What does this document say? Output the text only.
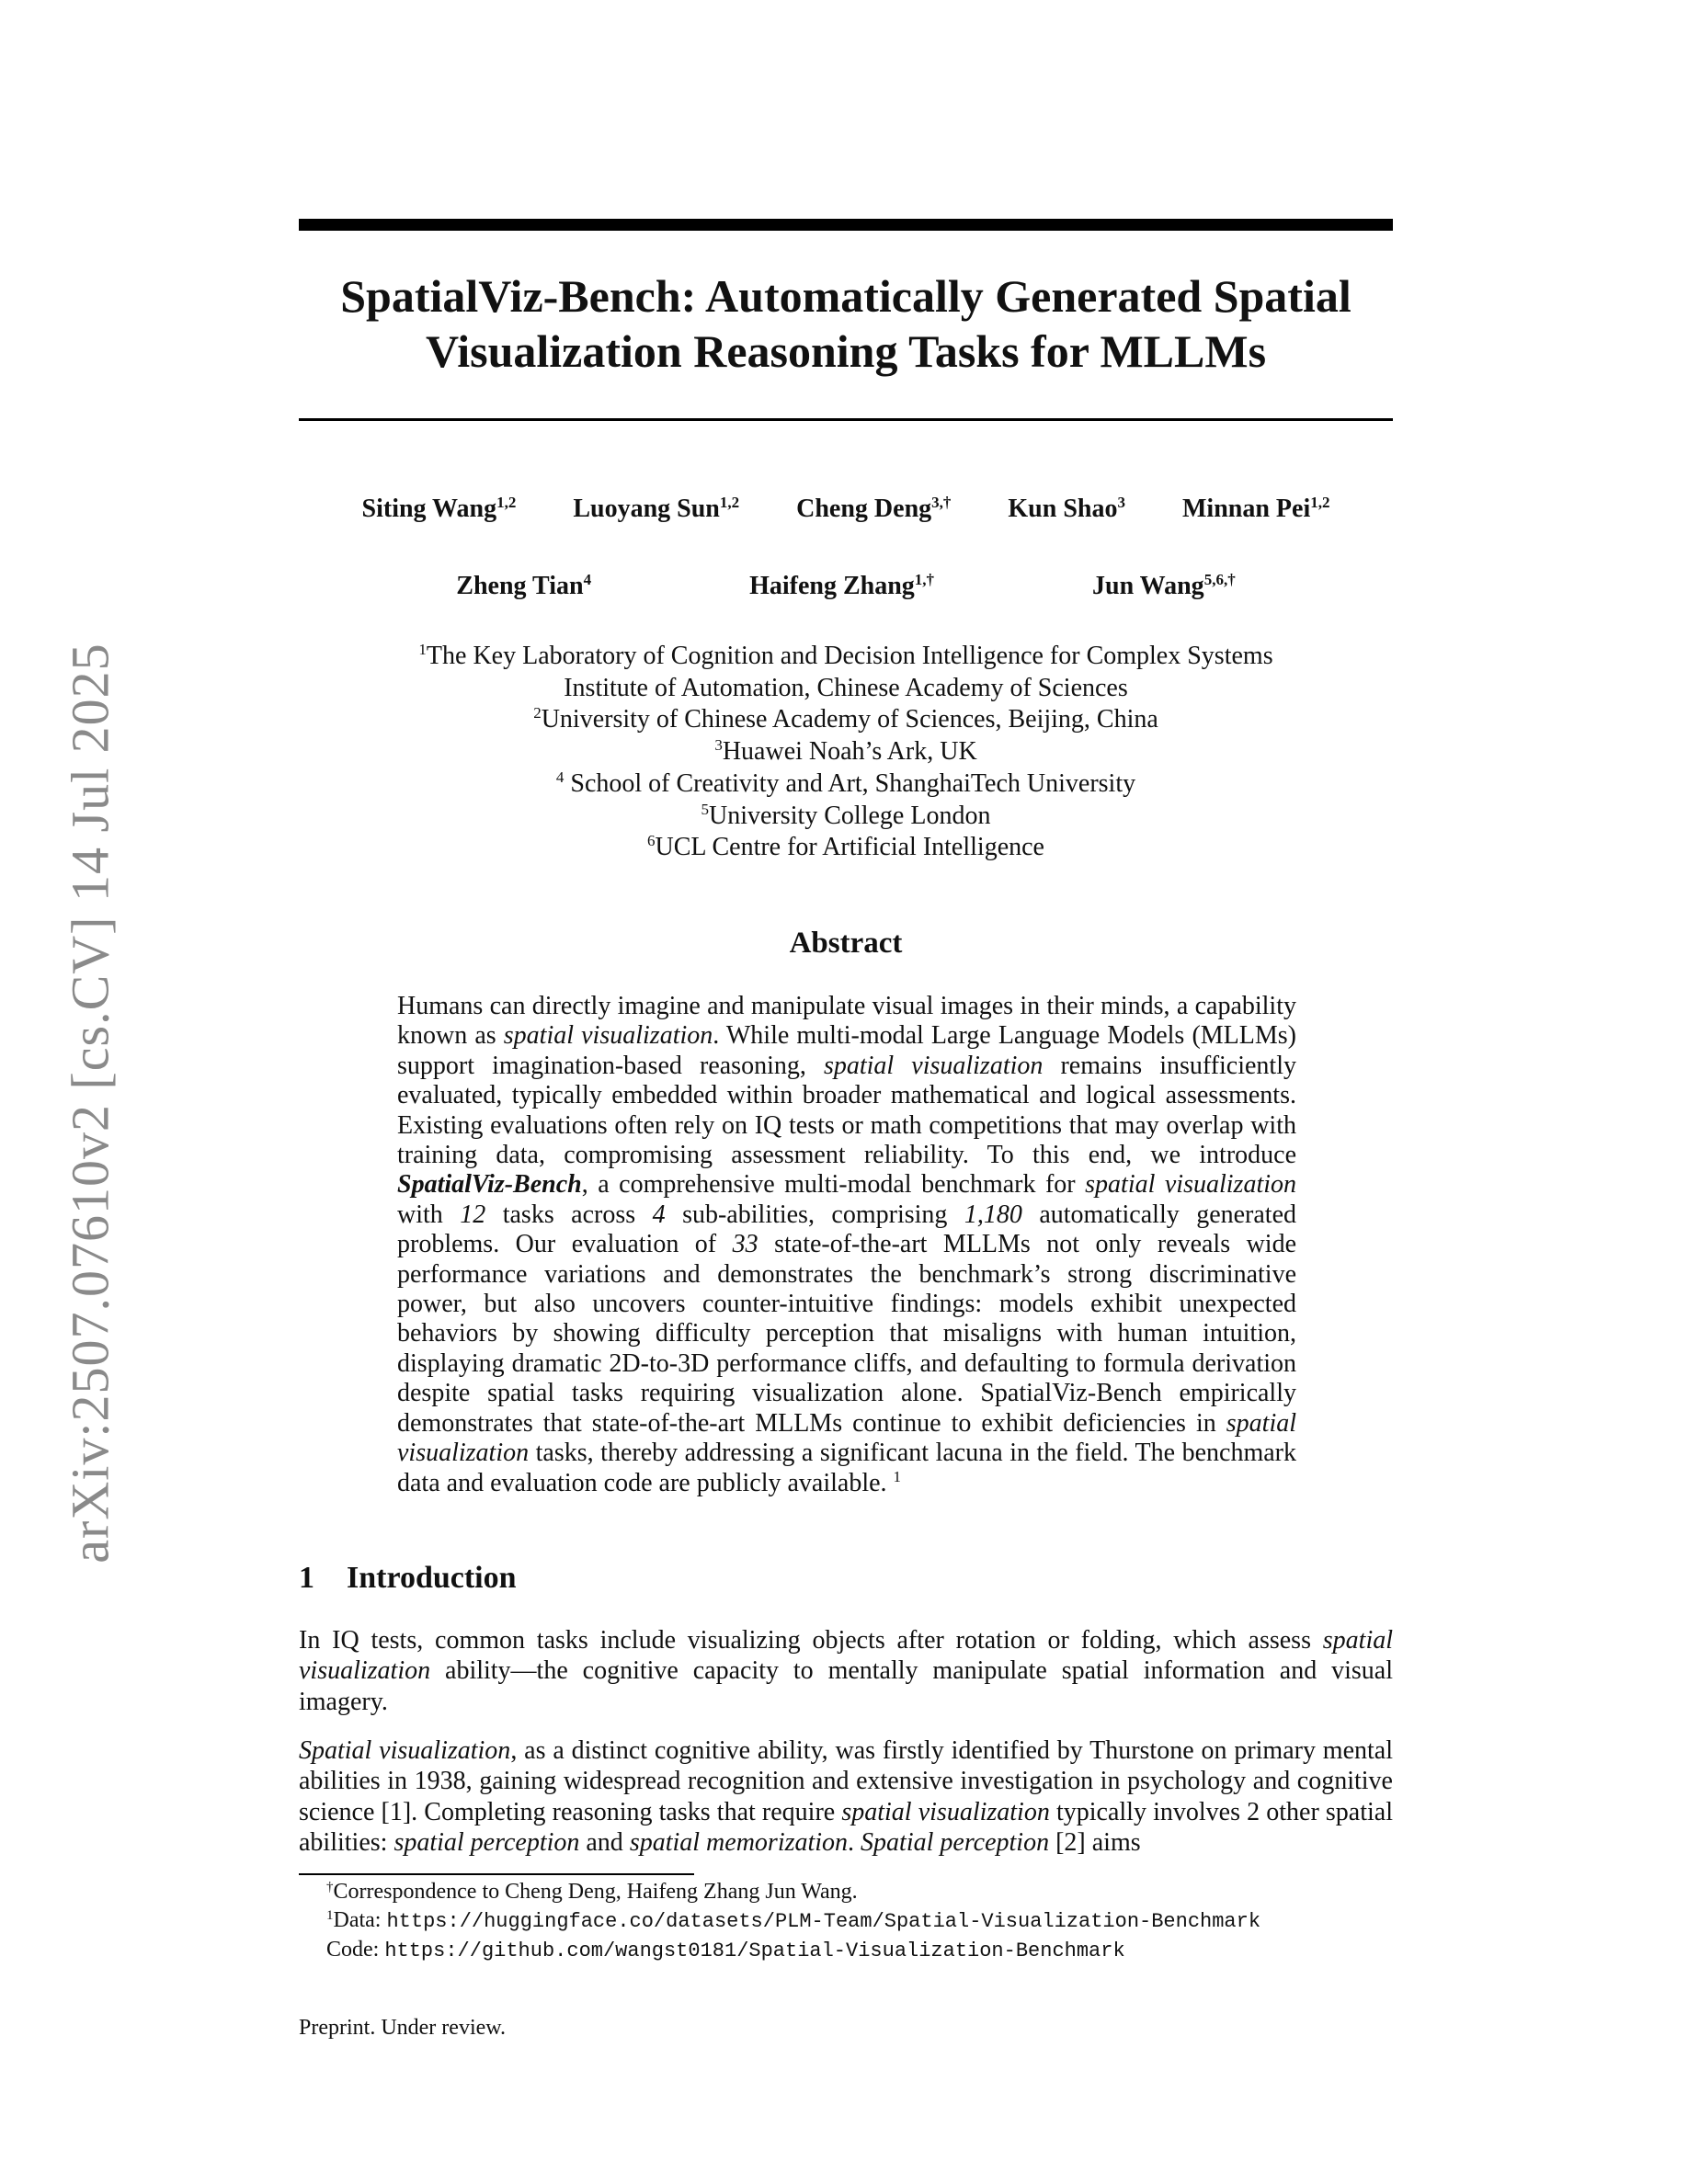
arXiv:2507.07610v2 [cs.CV] 14 Jul 2025
SpatialViz-Bench: Automatically Generated Spatial
Visualization Reasoning Tasks for MLLMs
Siting Wang$^{1,2}$ Luoyang Sun$^{1,2}$ Cheng Deng$^{3,\dagger}$ Kun Shao$^3$ Minnan Pei$^{1,2}$
Zheng Tian$^4$	Haifeng Zhang$^{1,\dagger}$	Jun Wang$^{5,6,\dagger}$
$^1$The Key Laboratory of Cognition and Decision Intelligence for Complex Systems
Institute of Automation, Chinese Academy of Sciences
$^2$University of Chinese Academy of Sciences, Beijing, China
$^3$Huawei Noah’s Ark, UK
$^4$ School of Creativity and Art, ShanghaiTech University
$^5$University College London
$^6$UCL Centre for Artificial Intelligence
Abstract
Humans can directly imagine and manipulate visual images in their minds, a capability known as spatial visualization. While multi-modal Large Language Models (MLLMs) support imagination-based reasoning, spatial visualization remains insufficiently evaluated, typically embedded within broader mathematical and logical assessments. Existing evaluations often rely on IQ tests or math competitions that may overlap with training data, compromising assessment reliability. To this end, we introduce SpatialViz-Bench, a comprehensive multi-modal benchmark for spatial visualization with 12 tasks across 4 sub-abilities, comprising 1,180 automatically generated problems. Our evaluation of 33 state-of-the-art MLLMs not only reveals wide performance variations and demonstrates the benchmark’s strong discriminative power, but also uncovers counter-intuitive findings: models exhibit unexpected behaviors by showing difficulty perception that misaligns with human intuition, displaying dramatic 2D-to-3D performance cliffs, and defaulting to formula derivation despite spatial tasks requiring visualization alone. SpatialViz-Bench empirically demonstrates that state-of-the-art MLLMs continue to exhibit deficiencies in spatial visualization tasks, thereby addressing a significant lacuna in the field. The benchmark data and evaluation code are publicly available. $^1$
1 Introduction
In IQ tests, common tasks include visualizing objects after rotation or folding, which assess spatial visualization ability—the cognitive capacity to mentally manipulate spatial information and visual imagery.
Spatial visualization, as a distinct cognitive ability, was firstly identified by Thurstone on primary mental abilities in 1938, gaining widespread recognition and extensive investigation in psychology and cognitive science [1]. Completing reasoning tasks that require spatial visualization typically involves 2 other spatial abilities: spatial perception and spatial memorization. Spatial perception [2] aims
†Correspondence to Cheng Deng, Haifeng Zhang Jun Wang.
$^1$Data: https://huggingface.co/datasets/PLM-Team/Spatial-Visualization-Benchmark
Code: https://github.com/wangst0181/Spatial-Visualization-Benchmark
Preprint. Under review.
